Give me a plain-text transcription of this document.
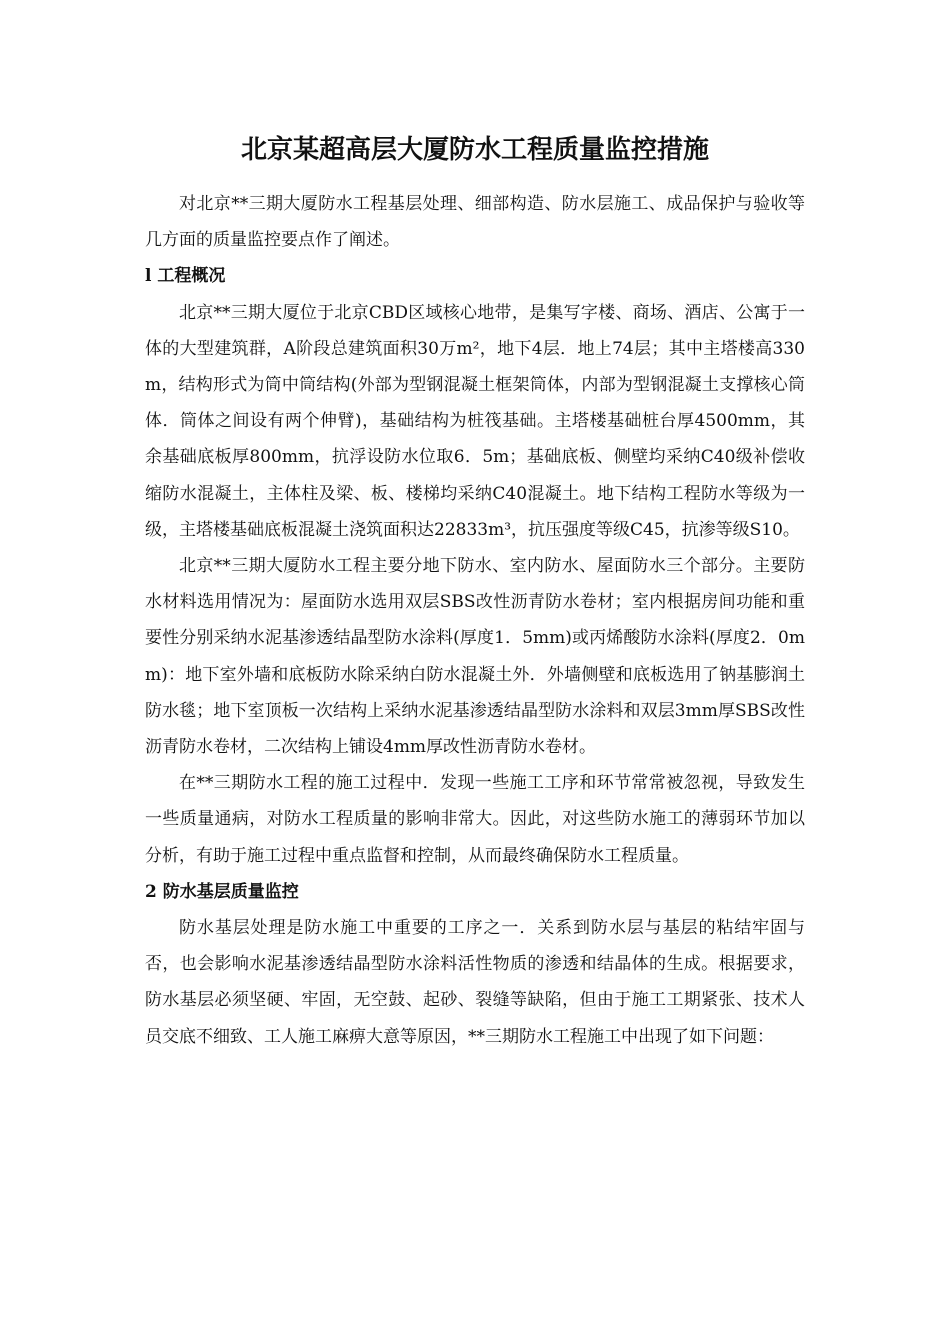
北京某超高层大厦防水工程质量监控措施

对北京**三期大厦防水工程基层处理、细部构造、防水层施工、成品保护与验收等几方面的质量监控要点作了阐述。

l 工程概况

北京**三期大厦位于北京CBD区域核心地带，是集写字楼、商场、酒店、公寓于一体的大型建筑群，A阶段总建筑面积30万m²，地下4层．地上74层；其中主塔楼高330m，结构形式为筒中筒结构(外部为型钢混凝土框架筒体，内部为型钢混凝土支撑核心筒体．筒体之间设有两个伸臂)，基础结构为桩筏基础。主塔楼基础桩台厚4500mm，其余基础底板厚800mm，抗浮设防水位取6．5m；基础底板、侧壁均采纳C40级补偿收缩防水混凝土，主体柱及梁、板、楼梯均采纳C40混凝土。地下结构工程防水等级为一级，主塔楼基础底板混凝土浇筑面积达22833m³，抗压强度等级C45，抗渗等级S10。

北京**三期大厦防水工程主要分地下防水、室内防水、屋面防水三个部分。主要防水材料选用情况为：屋面防水选用双层SBS改性沥青防水卷材；室内根据房间功能和重要性分别采纳水泥基渗透结晶型防水涂料(厚度1．5mm)或丙烯酸防水涂料(厚度2．0mm)：地下室外墙和底板防水除采纳白防水混凝土外．外墙侧壁和底板选用了钠基膨润土防水毯；地下室顶板一次结构上采纳水泥基渗透结晶型防水涂料和双层3mm厚SBS改性沥青防水卷材，二次结构上铺设4mm厚改性沥青防水卷材。

在**三期防水工程的施工过程中．发现一些施工工序和环节常常被忽视，导致发生一些质量通病，对防水工程质量的影响非常大。因此，对这些防水施工的薄弱环节加以分析，有助于施工过程中重点监督和控制，从而最终确保防水工程质量。

2 防水基层质量监控

防水基层处理是防水施工中重要的工序之一．关系到防水层与基层的粘结牢固与否，也会影响水泥基渗透结晶型防水涂料活性物质的渗透和结晶体的生成。根据要求，防水基层必须坚硬、牢固，无空鼓、起砂、裂缝等缺陷，但由于施工工期紧张、技术人员交底不细致、工人施工麻痹大意等原因，**三期防水工程施工中出现了如下问题：
